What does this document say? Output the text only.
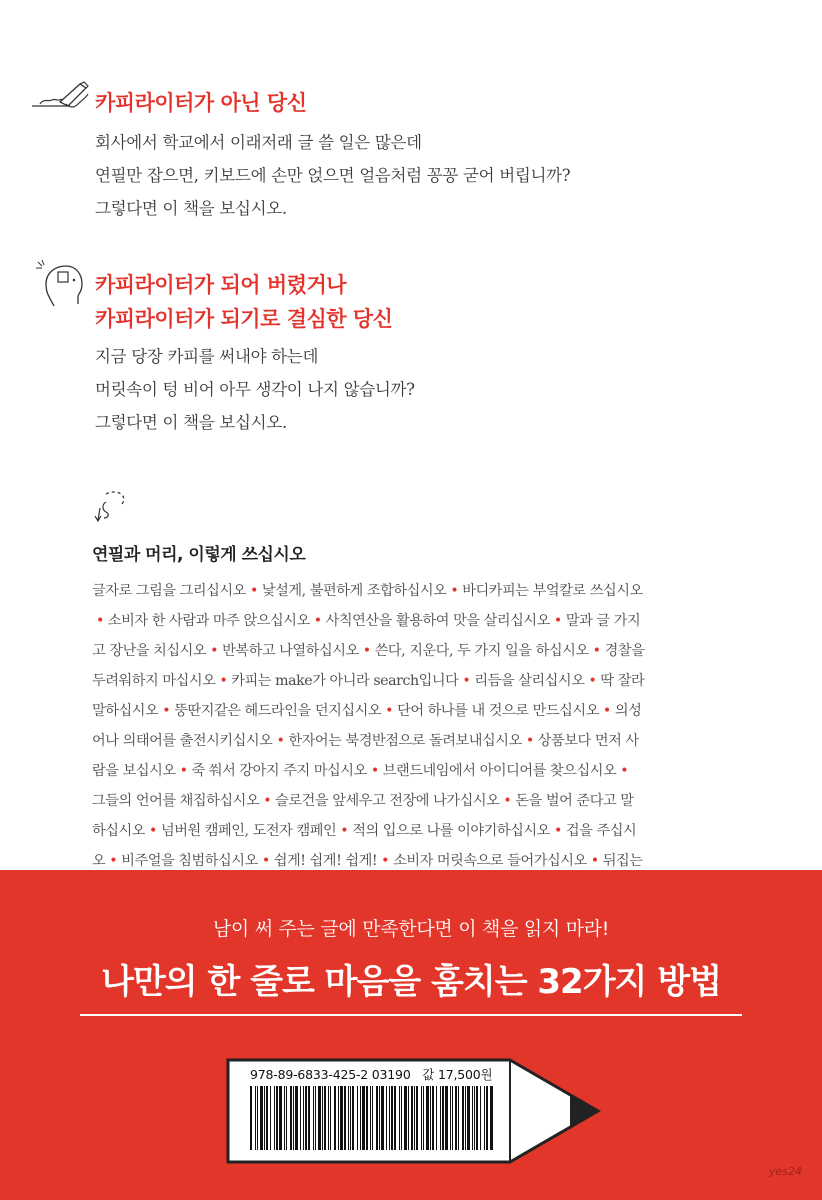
카피라이터가 아닌 당신
회사에서 학교에서 이래저래 글 쓸 일은 많은데
연필만 잡으면, 키보드에 손만 얹으면 얼음처럼 꽁꽁 굳어 버립니까?
그렇다면 이 책을 보십시오.
카피라이터가 되어 버렸거나
카피라이터가 되기로 결심한 당신
지금 당장 카피를 써내야 하는데
머릿속이 텅 비어 아무 생각이 나지 않습니까?
그렇다면 이 책을 보십시오.
연필과 머리, 이렇게 쓰십시오
글자로 그림을 그리십시오 • 낯설게, 불편하게 조합하십시오 • 바디카피는 부엌칼로 쓰십시오
• 소비자 한 사람과 마주 앉으십시오 • 사칙연산을 활용하여 맛을 살리십시오 • 말과 글 가지
고 장난을 치십시오 • 반복하고 나열하십시오 • 쓴다, 지운다, 두 가지 일을 하십시오 • 경찰을
두려워하지 마십시오 • 카피는 make가 아니라 search입니다 • 리듬을 살리십시오 • 딱 잘라
말하십시오 • 뚱딴지같은 헤드라인을 던지십시오 • 단어 하나를 내 것으로 만드십시오 • 의성
어나 의태어를 출전시키십시오 • 한자어는 북경반점으로 돌려보내십시오 • 상품보다 먼저 사
람을 보십시오 • 죽 쒀서 강아지 주지 마십시오 • 브랜드네임에서 아이디어를 찾으십시오 •
그들의 언어를 채집하십시오 • 슬로건을 앞세우고 전장에 나가십시오 • 돈을 벌어 준다고 말
하십시오 • 넘버원 캠페인, 도전자 캠페인 • 적의 입으로 나를 이야기하십시오 • 겁을 주십시
오 • 비주얼을 침범하십시오 • 쉽게! 쉽게! 쉽게! • 소비자 머릿속으로 들어가십시오 • 뒤집는
남이 써 주는 글에 만족한다면 이 책을 읽지 마라!
나만의 한 줄로 마음을 훔치는 32가지 방법
978-89-6833-425-2 03190 값 17,500원
yes24
